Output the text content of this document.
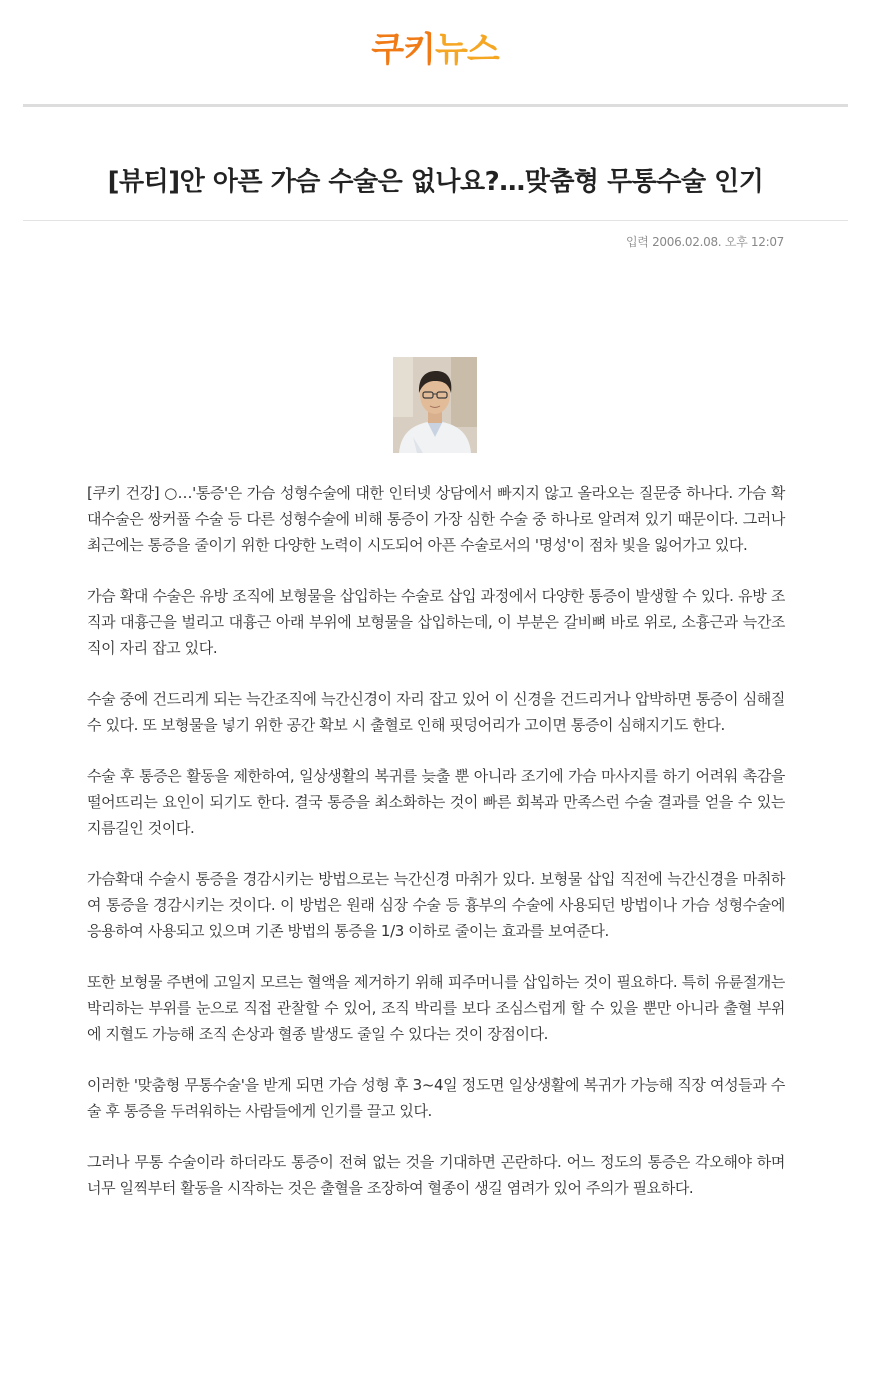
쿠키뉴스
[뷰티]안 아픈 가슴 수술은 없나요?…맞춤형 무통수술 인기
입력 2006.02.08. 오후 12:07

[쿠키 건강] ○…'통증'은 가슴 성형수술에 대한 인터넷 상담에서 빠지지 않고 올라오는 질문중 하나다. 가슴 확대수술은 쌍커풀 수술 등 다른 성형수술에 비해 통증이 가장 심한 수술 중 하나로 알려져 있기 때문이다. 그러나 최근에는 통증을 줄이기 위한 다양한 노력이 시도되어 아픈 수술로서의 '명성'이 점차 빛을 잃어가고 있다.

가슴 확대 수술은 유방 조직에 보형물을 삽입하는 수술로 삽입 과정에서 다양한 통증이 발생할 수 있다. 유방 조직과 대흉근을 벌리고 대흉근 아래 부위에 보형물을 삽입하는데, 이 부분은 갈비뼈 바로 위로, 소흉근과 늑간조직이 자리 잡고 있다.

수술 중에 건드리게 되는 늑간조직에 늑간신경이 자리 잡고 있어 이 신경을 건드리거나 압박하면 통증이 심해질 수 있다. 또 보형물을 넣기 위한 공간 확보 시 출혈로 인해 핏덩어리가 고이면 통증이 심해지기도 한다.

수술 후 통증은 활동을 제한하여, 일상생활의 복귀를 늦출 뿐 아니라 조기에 가슴 마사지를 하기 어려워 촉감을 떨어뜨리는 요인이 되기도 한다. 결국 통증을 최소화하는 것이 빠른 회복과 만족스런 수술 결과를 얻을 수 있는 지름길인 것이다.

가슴확대 수술시 통증을 경감시키는 방법으로는 늑간신경 마취가 있다. 보형물 삽입 직전에 늑간신경을 마취하여 통증을 경감시키는 것이다. 이 방법은 원래 심장 수술 등 흉부의 수술에 사용되던 방법이나 가슴 성형수술에 응용하여 사용되고 있으며 기존 방법의 통증을 1/3 이하로 줄이는 효과를 보여준다.

또한 보형물 주변에 고일지 모르는 혈액을 제거하기 위해 피주머니를 삽입하는 것이 필요하다. 특히 유륜절개는 박리하는 부위를 눈으로 직접 관찰할 수 있어, 조직 박리를 보다 조심스럽게 할 수 있을 뿐만 아니라 출혈 부위에 지혈도 가능해 조직 손상과 혈종 발생도 줄일 수 있다는 것이 장점이다.

이러한 '맞춤형 무통수술'을 받게 되면 가슴 성형 후 3~4일 정도면 일상생활에 복귀가 가능해 직장 여성들과 수술 후 통증을 두려워하는 사람들에게 인기를 끌고 있다.

그러나 무통 수술이라 하더라도 통증이 전혀 없는 것을 기대하면 곤란하다. 어느 정도의 통증은 각오해야 하며 너무 일찍부터 활동을 시작하는 것은 출혈을 조장하여 혈종이 생길 염려가 있어 주의가 필요하다.
